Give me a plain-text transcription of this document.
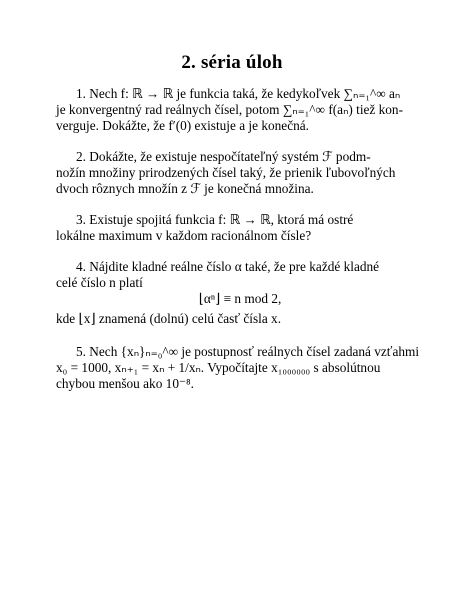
2. séria úloh
1. Nech f: ℝ → ℝ je funkcia taká, že kedykoľvek ∑ₙ₌₁^∞ aₙ
je konvergentný rad reálnych čísel, potom ∑ₙ₌₁^∞ f(aₙ) tiež kon-
verguje. Dokážte, že f′(0) existuje a je konečná.
2. Dokážte, že existuje nespočítateľný systém ℱ podm-
nožín množiny prirodzených čísel taký, že prienik ľubovoľných
dvoch rôznych množín z ℱ je konečná množina.
3. Existuje spojitá funkcia f: ℝ → ℝ, ktorá má ostré
lokálne maximum v každom racionálnom čísle?
4. Nájdite kladné reálne číslo α také, že pre každé kladné
celé číslo n platí
⌊αⁿ⌋ ≡ n mod 2,
kde ⌊x⌋ znamená (dolnú) celú časť čísla x.
5. Nech {xₙ}ₙ₌₀^∞ je postupnosť reálnych čísel zadaná vzťahmi
x₀ = 1000, xₙ₊₁ = xₙ + 1/xₙ. Vypočítajte x₁₀₀₀₀₀₀ s absolútnou
chybou menšou ako 10⁻⁸.
